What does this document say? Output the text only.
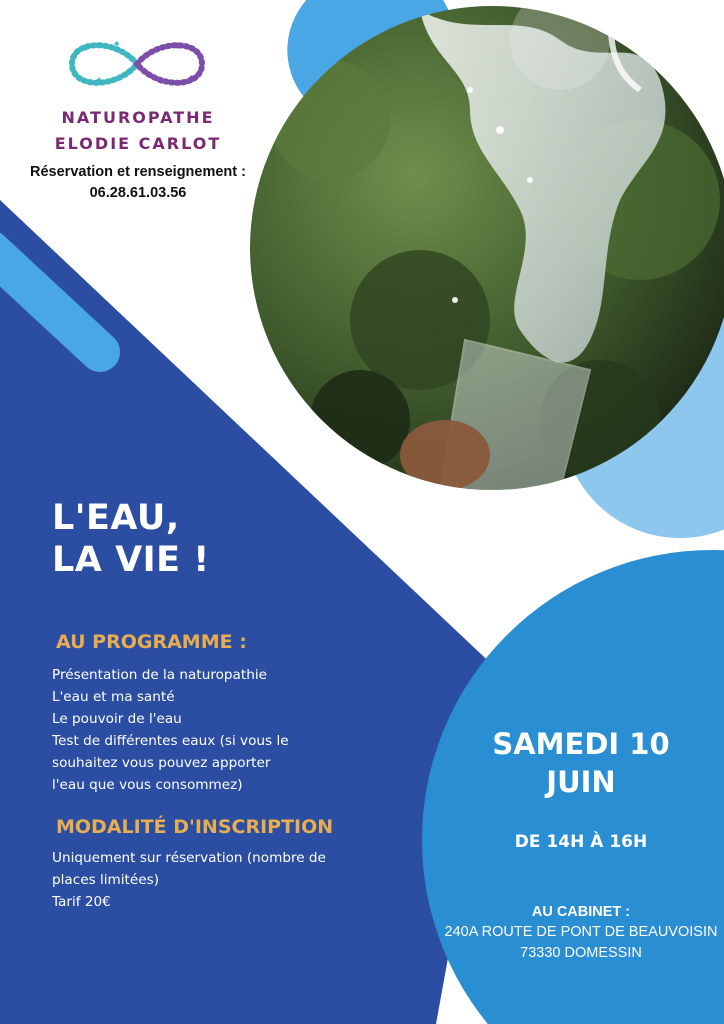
NATUROPATHE
ELODIE CARLOT
Réservation et renseignement :
06.28.61.03.56
L'EAU,
LA VIE !
AU PROGRAMME :
Présentation de la naturopathie
L'eau et ma santé
Le pouvoir de l'eau
Test de différentes eaux (si vous le
souhaitez vous pouvez apporter
l'eau que vous consommez)
MODALITÉ D'INSCRIPTION
Uniquement sur réservation (nombre de
places limitées)
Tarif 20€
SAMEDI 10
JUIN
DE 14H À 16H
AU CABINET :
240A ROUTE DE PONT DE BEAUVOISIN
73330 DOMESSIN
